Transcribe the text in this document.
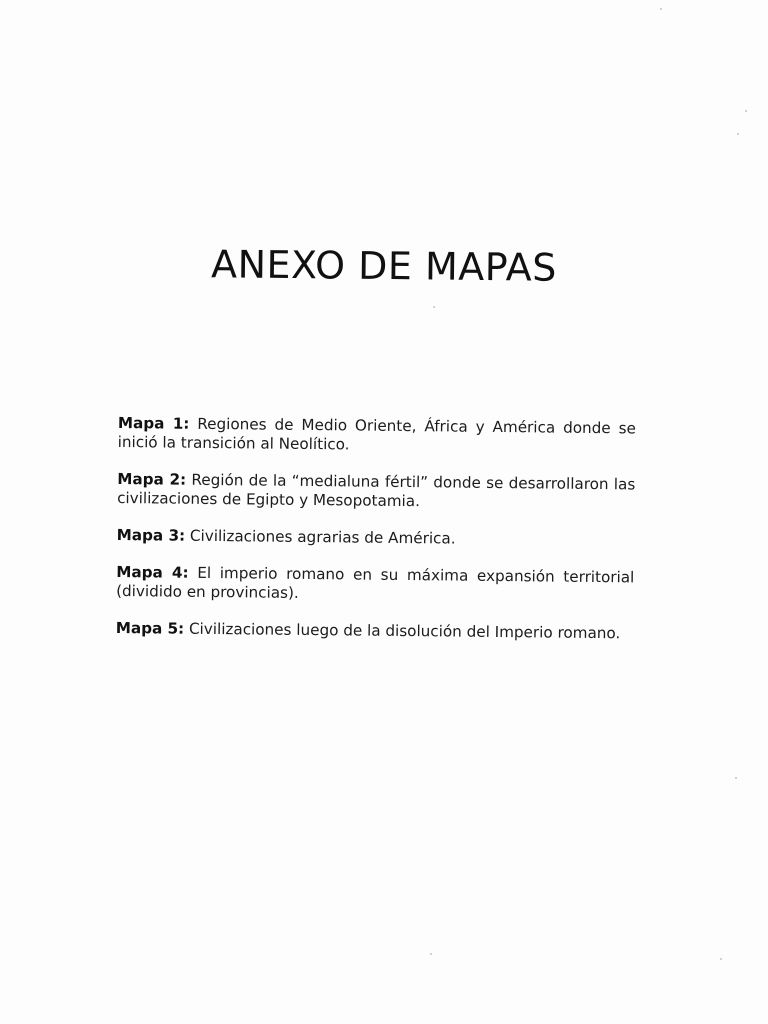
ANEXO DE MAPAS

Mapa 1: Regiones de Medio Oriente, África y América donde se inició la transición al Neolítico.

Mapa 2: Región de la “medialuna fértil” donde se desarrollaron las civilizaciones de Egipto y Mesopotamia.

Mapa 3: Civilizaciones agrarias de América.

Mapa 4: El imperio romano en su máxima expansión territorial (dividido en provincias).

Mapa 5: Civilizaciones luego de la disolución del Imperio romano.
